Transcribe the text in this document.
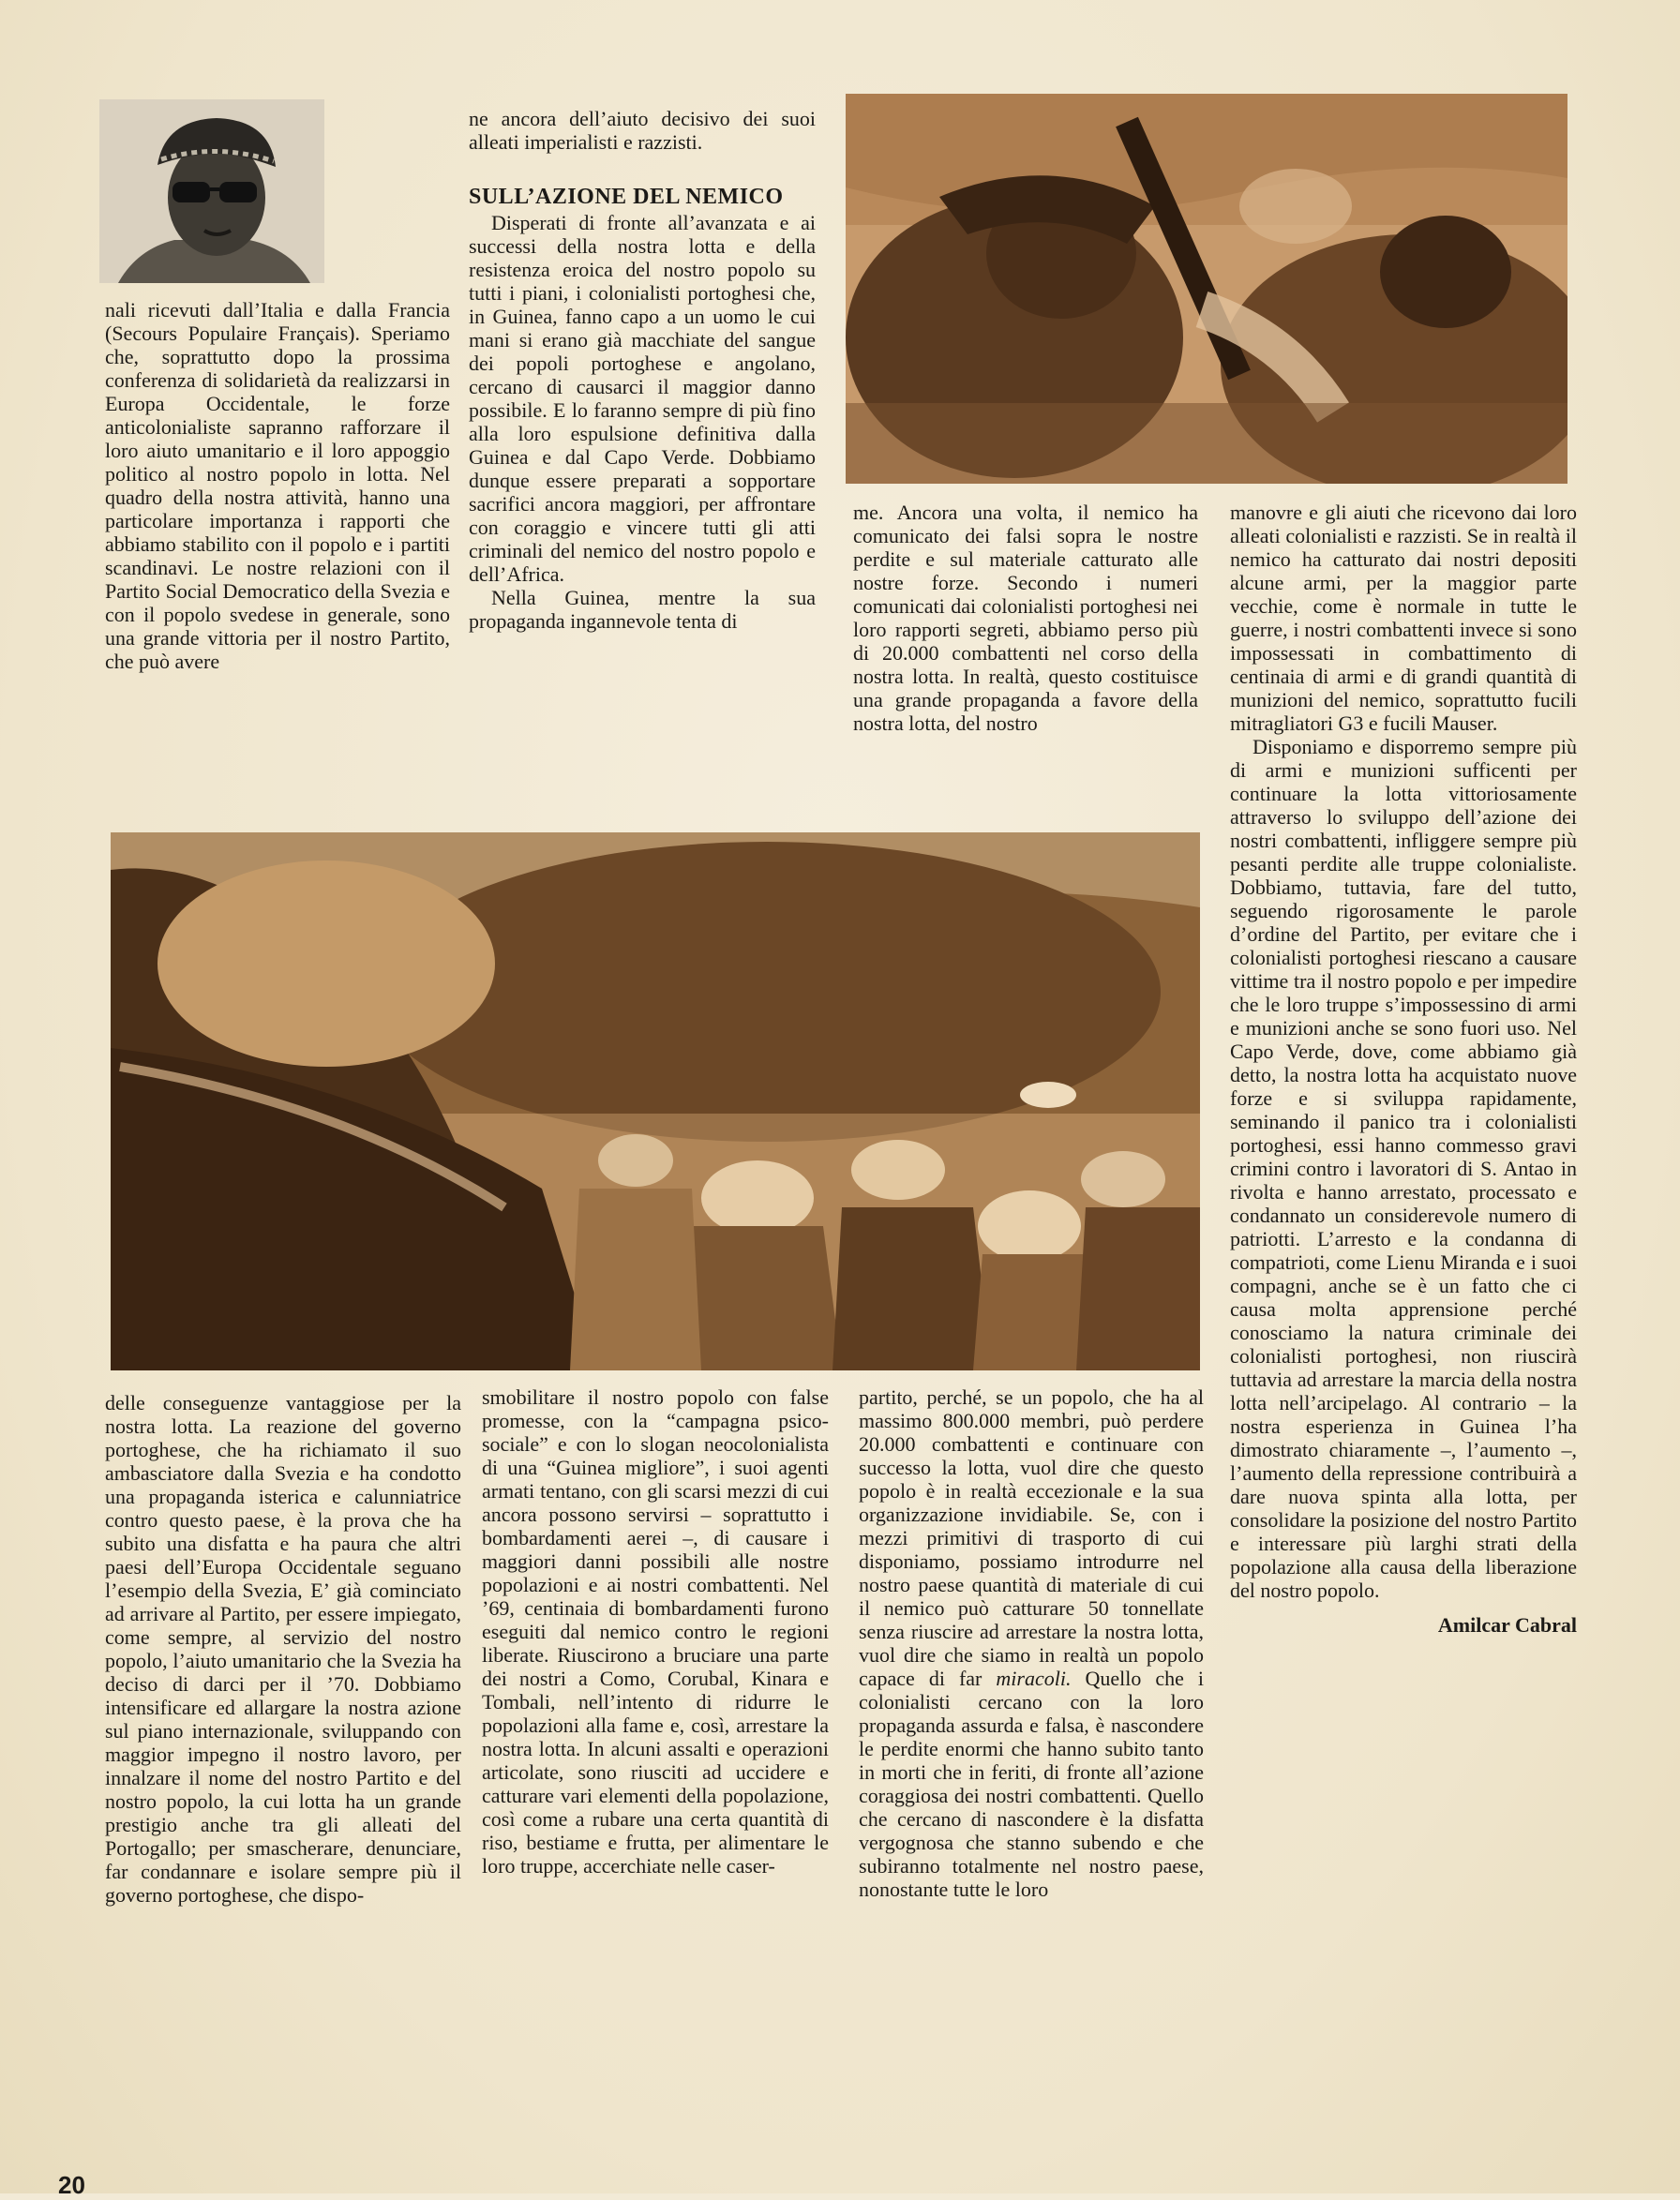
nali ricevuti dall’Italia e dalla Francia (Secours Populaire Français). Speriamo che, soprattutto dopo la prossima conferenza di solidarietà da realizzarsi in Europa Occidentale, le forze anticolonialiste sapranno rafforzare il loro aiuto umanitario e il loro appoggio politico al nostro popolo in lotta. Nel quadro della nostra attività, hanno una particolare importanza i rapporti che abbiamo stabilito con il popolo e i partiti scandinavi. Le nostre relazioni con il Partito Social Democratico della Svezia e con il popolo svedese in generale, sono una grande vittoria per il nostro Partito, che può avere

ne ancora dell’aiuto decisivo dei suoi alleati imperialisti e razzisti.

SULL’AZIONE DEL NEMICO

Disperati di fronte all’avanzata e ai successi della nostra lotta e della resistenza eroica del nostro popolo su tutti i piani, i colonialisti portoghesi che, in Guinea, fanno capo a un uomo le cui mani si erano già macchiate del sangue dei popoli portoghese e angolano, cercano di causarci il maggior danno possibile. E lo faranno sempre di più fino alla loro espulsione definitiva dalla Guinea e dal Capo Verde. Dobbiamo dunque essere preparati a sopportare sacrifici ancora maggiori, per affrontare con coraggio e vincere tutti gli atti criminali del nemico del nostro popolo e dell’Africa.

Nella Guinea, mentre la sua propaganda ingannevole tenta di

me. Ancora una volta, il nemico ha comunicato dei falsi sopra le nostre perdite e sul materiale catturato alle nostre forze. Secondo i numeri comunicati dai colonialisti portoghesi nei loro rapporti segreti, abbiamo perso più di 20.000 combattenti nel corso della nostra lotta. In realtà, questo costituisce una grande propaganda a favore della nostra lotta, del nostro

manovre e gli aiuti che ricevono dai loro alleati colonialisti e razzisti. Se in realtà il nemico ha catturato dai nostri depositi alcune armi, per la maggior parte vecchie, come è normale in tutte le guerre, i nostri combattenti invece si sono impossessati in combattimento di centinaia di armi e di grandi quantità di munizioni del nemico, soprattutto fucili mitragliatori G3 e fucili Mauser.

Disponiamo e disporremo sempre più di armi e munizioni sufficenti per continuare la lotta vittoriosamente attraverso lo sviluppo dell’azione dei nostri combattenti, infliggere sempre più pesanti perdite alle truppe colonialiste. Dobbiamo, tuttavia, fare del tutto, seguendo rigorosamente le parole d’ordine del Partito, per evitare che i colonialisti portoghesi riescano a causare vittime tra il nostro popolo e per impedire che le loro truppe s’impossessino di armi e munizioni anche se sono fuori uso. Nel Capo Verde, dove, come abbiamo già detto, la nostra lotta ha acquistato nuove forze e si sviluppa rapidamente, seminando il panico tra i colonialisti portoghesi, essi hanno commesso gravi crimini contro i lavoratori di S. Antao in rivolta e hanno arrestato, processato e condannato un considerevole numero di patriotti. L’arresto e la condanna di compatrioti, come Lienu Miranda e i suoi compagni, anche se è un fatto che ci causa molta apprensione perché conosciamo la natura criminale dei colonialisti portoghesi, non riuscirà tuttavia ad arrestare la marcia della nostra lotta nell’arcipelago. Al contrario – la nostra esperienza in Guinea l’ha dimostrato chiaramente –, l’aumento –, l’aumento della repressione contribuirà a dare nuova spinta alla lotta, per consolidare la posizione del nostro Partito e interessare più larghi strati della popolazione alla causa della liberazione del nostro popolo.

Amilcar Cabral

delle conseguenze vantaggiose per la nostra lotta. La reazione del governo portoghese, che ha richiamato il suo ambasciatore dalla Svezia e ha condotto una propaganda isterica e calunniatrice contro questo paese, è la prova che ha subito una disfatta e ha paura che altri paesi dell’Europa Occidentale seguano l’esempio della Svezia, E’ già cominciato ad arrivare al Partito, per essere impiegato, come sempre, al servizio del nostro popolo, l’aiuto umanitario che la Svezia ha deciso di darci per il ’70. Dobbiamo intensificare ed allargare la nostra azione sul piano internazionale, sviluppando con maggior impegno il nostro lavoro, per innalzare il nome del nostro Partito e del nostro popolo, la cui lotta ha un grande prestigio anche tra gli alleati del Portogallo; per smascherare, denunciare, far condannare e isolare sempre più il governo portoghese, che dispo-

smobilitare il nostro popolo con false promesse, con la “campagna psico-sociale” e con lo slogan neocolonialista di una “Guinea migliore”, i suoi agenti armati tentano, con gli scarsi mezzi di cui ancora possono servirsi – soprattutto i bombardamenti aerei –, di causare i maggiori danni possibili alle nostre popolazioni e ai nostri combattenti. Nel ’69, centinaia di bombardamenti furono eseguiti dal nemico contro le regioni liberate. Riuscirono a bruciare una parte dei nostri a Como, Corubal, Kinara e Tombali, nell’intento di ridurre le popolazioni alla fame e, così, arrestare la nostra lotta. In alcuni assalti e operazioni articolate, sono riusciti ad uccidere e catturare vari elementi della popolazione, così come a rubare una certa quantità di riso, bestiame e frutta, per alimentare le loro truppe, accerchiate nelle caser-

partito, perché, se un popolo, che ha al massimo 800.000 membri, può perdere 20.000 combattenti e continuare con successo la lotta, vuol dire che questo popolo è in realtà eccezionale e la sua organizzazione invidiabile. Se, con i mezzi primitivi di trasporto di cui disponiamo, possiamo introdurre nel nostro paese quantità di materiale di cui il nemico può catturare 50 tonnellate senza riuscire ad arrestare la nostra lotta, vuol dire che siamo in realtà un popolo capace di far miracoli. Quello che i colonialisti cercano con la loro propaganda assurda e falsa, è nascondere le perdite enormi che hanno subito tanto in morti che in feriti, di fronte all’azione coraggiosa dei nostri combattenti. Quello che cercano di nascondere è la disfatta vergognosa che stanno subendo e che subiranno totalmente nel nostro paese, nonostante tutte le loro

20
